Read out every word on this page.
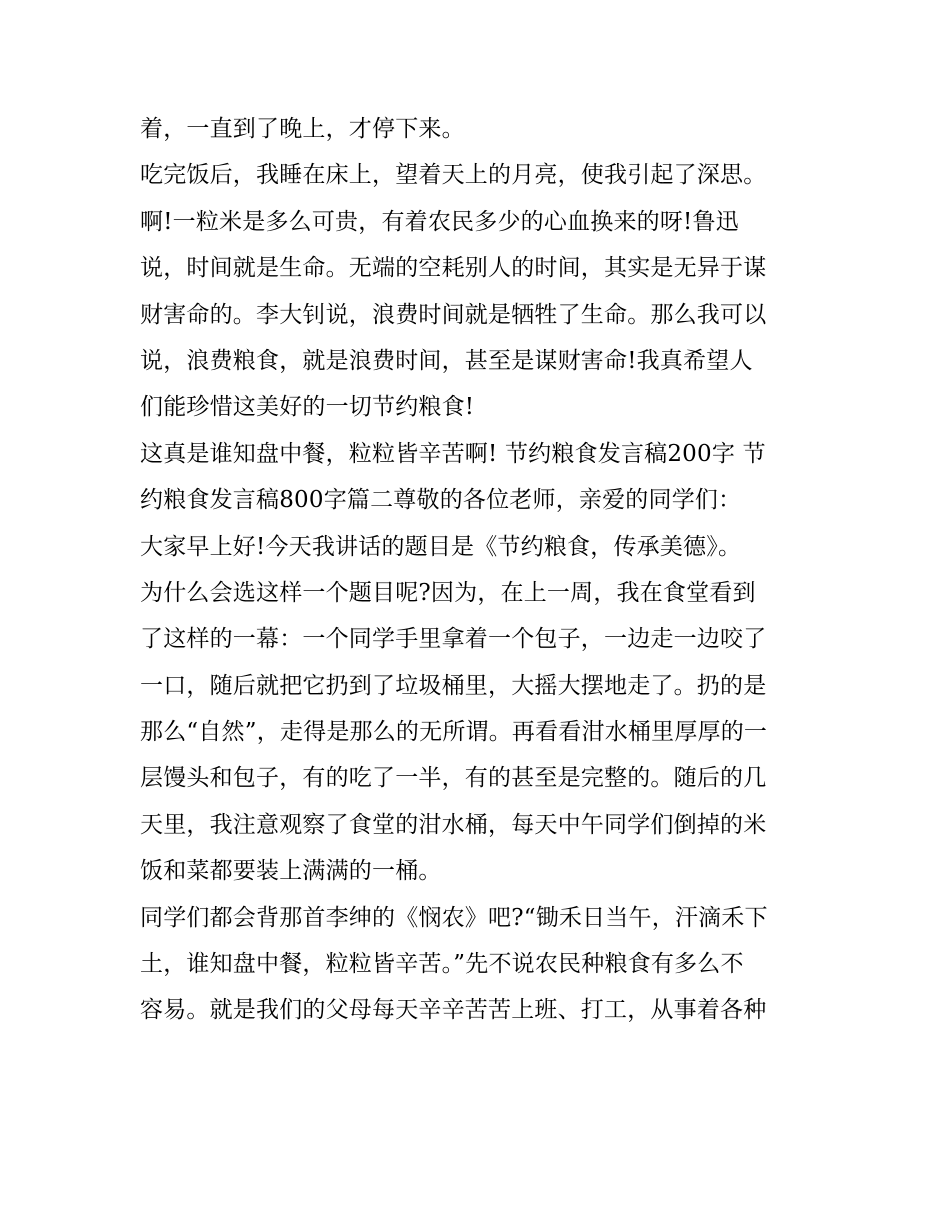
着，一直到了晚上，才停下来。
吃完饭后，我睡在床上，望着天上的月亮，使我引起了深思。
啊!一粒米是多么可贵，有着农民多少的心血换来的呀!鲁迅
说，时间就是生命。无端的空耗别人的时间，其实是无异于谋
财害命的。李大钊说，浪费时间就是牺牲了生命。那么我可以
说，浪费粮食，就是浪费时间，甚至是谋财害命!我真希望人
们能珍惜这美好的一切节约粮食!
这真是谁知盘中餐，粒粒皆辛苦啊! 节约粮食发言稿200字 节
约粮食发言稿800字篇二尊敬的各位老师，亲爱的同学们：
大家早上好!今天我讲话的题目是《节约粮食，传承美德》。
为什么会选这样一个题目呢?因为，在上一周，我在食堂看到
了这样的一幕：一个同学手里拿着一个包子，一边走一边咬了
一口，随后就把它扔到了垃圾桶里，大摇大摆地走了。扔的是
那么“自然”，走得是那么的无所谓。再看看泔水桶里厚厚的一
层馒头和包子，有的吃了一半，有的甚至是完整的。随后的几
天里，我注意观察了食堂的泔水桶，每天中午同学们倒掉的米
饭和菜都要装上满满的一桶。
同学们都会背那首李绅的《悯农》吧?“锄禾日当午，汗滴禾下
土，谁知盘中餐，粒粒皆辛苦。”先不说农民种粮食有多么不
容易。就是我们的父母每天辛辛苦苦上班、打工，从事着各种
